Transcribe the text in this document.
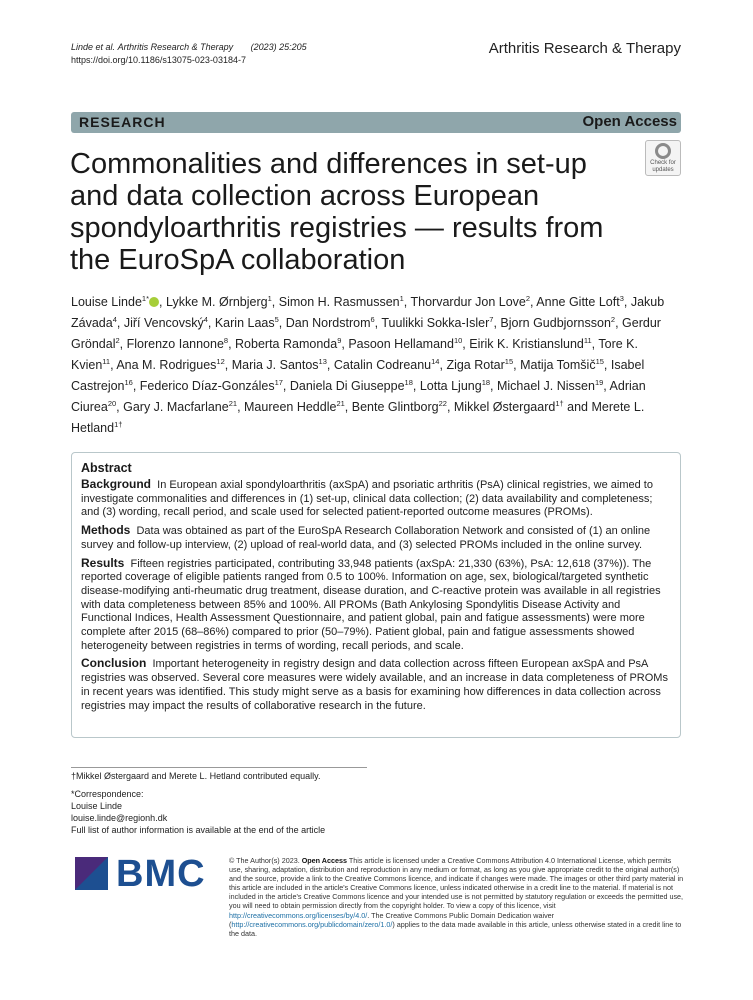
Linde et al. Arthritis Research & Therapy (2023) 25:205
https://doi.org/10.1186/s13075-023-03184-7
Arthritis Research & Therapy
RESEARCH	Open Access
Commonalities and differences in set-up and data collection across European spondyloarthritis registries — results from the EuroSpA collaboration
Check for
updates
Louise Linde$^{1*}$ , Lykke M. Ørnbjerg$^1$, Simon H. Rasmussen$^1$, Thorvardur Jon Love$^2$, Anne Gitte Loft$^3$, Jakub Závada$^4$, Jiří Vencovský$^4$, Karin Laas$^5$, Dan Nordstrom$^6$, Tuulikki Sokka-Isler$^7$, Bjorn Gudbjornsson$^2$, Gerdur Gröndal$^2$, Florenzo Iannone$^8$, Roberta Ramonda$^9$, Pasoon Hellamand$^{10}$, Eirik K. Kristianslund$^{11}$, Tore K. Kvien$^{11}$, Ana M. Rodrigues$^{12}$, Maria J. Santos$^{13}$, Catalin Codreanu$^{14}$, Ziga Rotar$^{15}$, Matija Tomšič$^{15}$, Isabel Castrejon$^{16}$, Federico Díaz-Gonzáles$^{17}$, Daniela Di Giuseppe$^{18}$, Lotta Ljung$^{18}$, Michael J. Nissen$^{19}$, Adrian Ciurea$^{20}$, Gary J. Macfarlane$^{21}$, Maureen Heddle$^{21}$, Bente Glintborg$^{22}$, Mikkel Østergaard$^{1\dagger}$ and Merete L. Hetland$^{1\dagger}$
Abstract

Background In European axial spondyloarthritis (axSpA) and psoriatic arthritis (PsA) clinical registries, we aimed to investigate commonalities and differences in (1) set-up, clinical data collection; (2) data availability and completeness; and (3) wording, recall period, and scale used for selected patient-reported outcome measures (PROMs).

Methods Data was obtained as part of the EuroSpA Research Collaboration Network and consisted of (1) an online survey and follow-up interview, (2) upload of real-world data, and (3) selected PROMs included in the online survey.

Results Fifteen registries participated, contributing 33,948 patients (axSpA: 21,330 (63%), PsA: 12,618 (37%)). The reported coverage of eligible patients ranged from 0.5 to 100%. Information on age, sex, biological/targeted synthetic disease-modifying anti-rheumatic drug treatment, disease duration, and C-reactive protein was available in all registries with data completeness between 85% and 100%. All PROMs (Bath Ankylosing Spondylitis Disease Activity and Functional Indices, Health Assessment Questionnaire, and patient global, pain and fatigue assessments) were more complete after 2015 (68–86%) compared to prior (50–79%). Patient global, pain and fatigue assessments showed heterogeneity between registries in terms of wording, recall periods, and scale.

Conclusion Important heterogeneity in registry design and data collection across fifteen European axSpA and PsA registries was observed. Several core measures were widely available, and an increase in data completeness of PROMs in recent years was identified. This study might serve as a basis for examining how differences in data collection across registries may impact the results of collaborative research in the future.

†Mikkel Østergaard and Merete L. Hetland contributed equally.
*Correspondence:
Louise Linde
louise.linde@regionh.dk
Full list of author information is available at the end of the article
BMC	© The Author(s) 2023. Open Access This article is licensed under a Creative Commons Attribution 4.0 International License, which permits use, sharing, adaptation, distribution and reproduction in any medium or format, as long as you give appropriate credit to the original author(s) and the source, provide a link to the Creative Commons licence, and indicate if changes were made. The images or other third party material in this article are included in the article's Creative Commons licence, unless indicated otherwise in a credit line to the material. If material is not included in the article's Creative Commons licence and your intended use is not permitted by statutory regulation or exceeds the permitted use, you will need to obtain permission directly from the copyright holder. To view a copy of this licence, visit http://creativecommons.org/licenses/by/4.0/. The Creative Commons Public Domain Dedication waiver (http://creativecommons.org/publicdomain/zero/1.0/) applies to the data made available in this article, unless otherwise stated in a credit line to the data.
